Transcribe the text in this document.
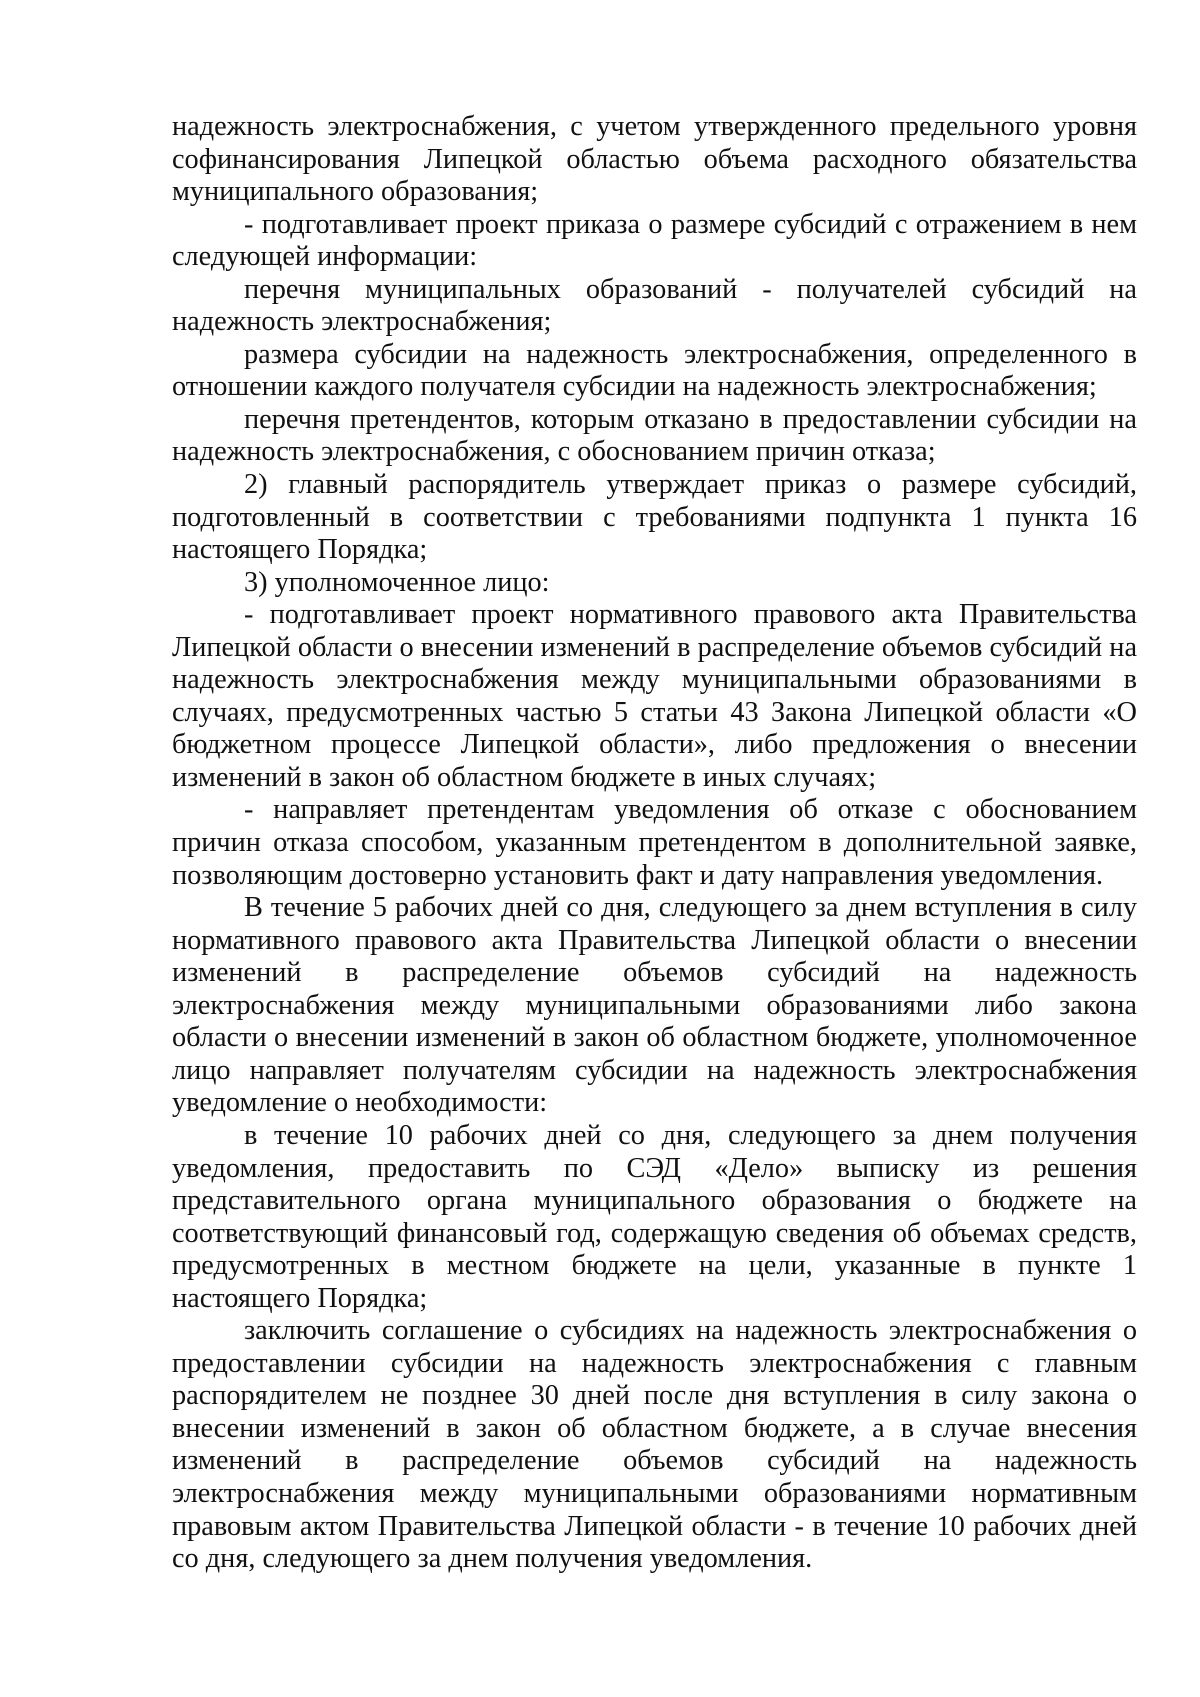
надежность электроснабжения, с учетом утвержденного предельного уровня софинансирования Липецкой областью объема расходного обязательства муниципального образования;

- подготавливает проект приказа о размере субсидий с отражением в нем следующей информации:

перечня муниципальных образований - получателей субсидий на надежность электроснабжения;

размера субсидии на надежность электроснабжения, определенного в отношении каждого получателя субсидии на надежность электроснабжения;

перечня претендентов, которым отказано в предоставлении субсидии на надежность электроснабжения, с обоснованием причин отказа;

2) главный распорядитель утверждает приказ о размере субсидий, подготовленный в соответствии с требованиями подпункта 1 пункта 16 настоящего Порядка;

3) уполномоченное лицо:

- подготавливает проект нормативного правового акта Правительства Липецкой области о внесении изменений в распределение объемов субсидий на надежность электроснабжения между муниципальными образованиями в случаях, предусмотренных частью 5 статьи 43 Закона Липецкой области «О бюджетном процессе Липецкой области», либо предложения о внесении изменений в закон об областном бюджете в иных случаях;

- направляет претендентам уведомления об отказе с обоснованием причин отказа способом, указанным претендентом в дополнительной заявке, позволяющим достоверно установить факт и дату направления уведомления.

В течение 5 рабочих дней со дня, следующего за днем вступления в силу нормативного правового акта Правительства Липецкой области о внесении изменений в распределение объемов субсидий на надежность электроснабжения между муниципальными образованиями либо закона области о внесении изменений в закон об областном бюджете, уполномоченное лицо направляет получателям субсидии на надежность электроснабжения уведомление о необходимости:

в течение 10 рабочих дней со дня, следующего за днем получения уведомления, предоставить по СЭД «Дело» выписку из решения представительного органа муниципального образования о бюджете на соответствующий финансовый год, содержащую сведения об объемах средств, предусмотренных в местном бюджете на цели, указанные в пункте 1 настоящего Порядка;

заключить соглашение о субсидиях на надежность электроснабжения о предоставлении субсидии на надежность электроснабжения с главным распорядителем не позднее 30 дней после дня вступления в силу закона о внесении изменений в закон об областном бюджете, а в случае внесения изменений в распределение объемов субсидий на надежность электроснабжения между муниципальными образованиями нормативным правовым актом Правительства Липецкой области - в течение 10 рабочих дней со дня, следующего за днем получения уведомления.
